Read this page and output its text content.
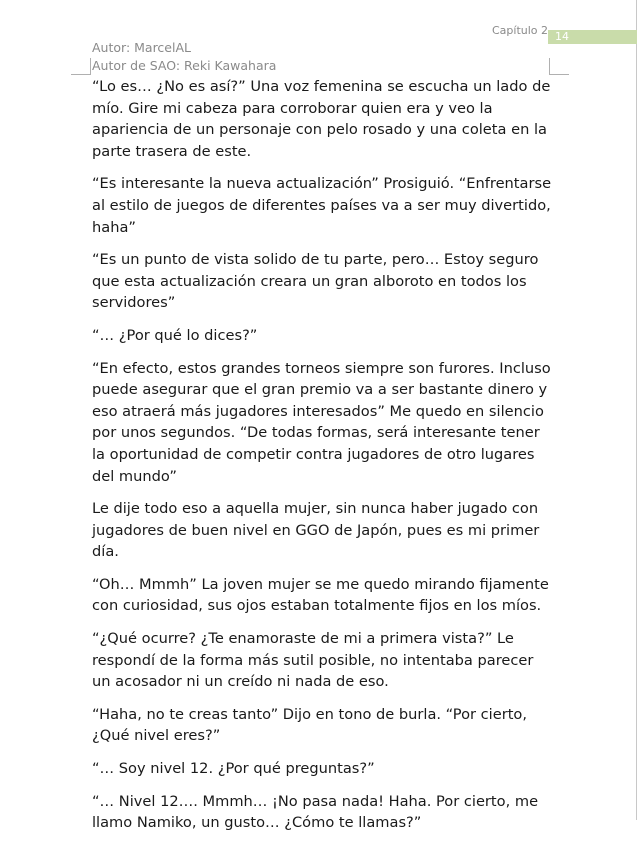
Capítulo 2 14
Autor: MarcelAL
Autor de SAO: Reki Kawahara

“Lo es… ¿No es así?” Una voz femenina se escucha un lado de mío. Gire mi cabeza para corroborar quien era y veo la apariencia de un personaje con pelo rosado y una coleta en la parte trasera de este.

“Es interesante la nueva actualización” Prosiguió. “Enfrentarse al estilo de juegos de diferentes países va a ser muy divertido, haha”

“Es un punto de vista solido de tu parte, pero… Estoy seguro que esta actualización creara un gran alboroto en todos los servidores”

“… ¿Por qué lo dices?”

“En efecto, estos grandes torneos siempre son furores. Incluso puede asegurar que el gran premio va a ser bastante dinero y eso atraerá más jugadores interesados” Me quedo en silencio por unos segundos. “De todas formas, será interesante tener la oportunidad de competir contra jugadores de otro lugares del mundo”

Le dije todo eso a aquella mujer, sin nunca haber jugado con jugadores de buen nivel en GGO de Japón, pues es mi primer día.

“Oh… Mmmh” La joven mujer se me quedo mirando fijamente con curiosidad, sus ojos estaban totalmente fijos en los míos.

“¿Qué ocurre? ¿Te enamoraste de mi a primera vista?” Le respondí de la forma más sutil posible, no intentaba parecer un acosador ni un creído ni nada de eso.

“Haha, no te creas tanto” Dijo en tono de burla. “Por cierto, ¿Qué nivel eres?”

“… Soy nivel 12. ¿Por qué preguntas?”

“… Nivel 12…. Mmmh… ¡No pasa nada! Haha. Por cierto, me llamo Namiko, un gusto… ¿Cómo te llamas?”
